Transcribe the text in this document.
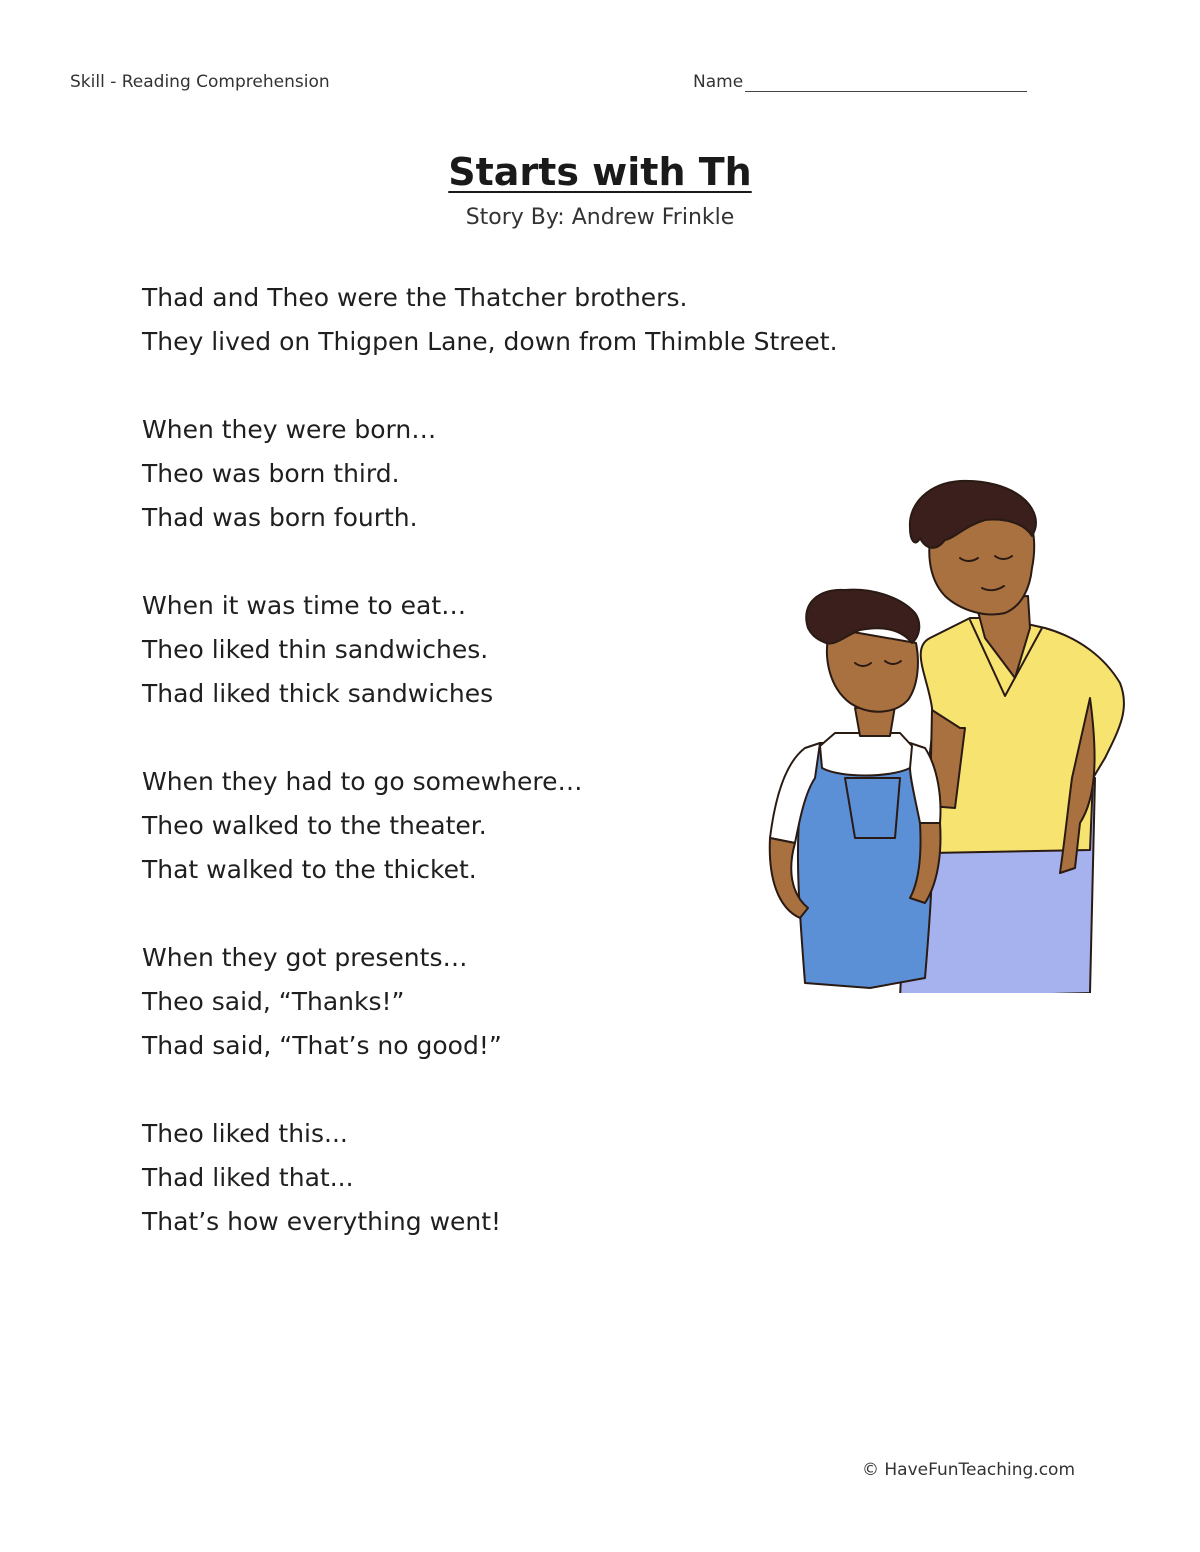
Skill - Reading Comprehension	Name
Starts with Th
Story By: Andrew Frinkle
Thad and Theo were the Thatcher brothers.
They lived on Thigpen Lane, down from Thimble Street.
When they were born…
Theo was born third.
Thad was born fourth.
When it was time to eat…
Theo liked thin sandwiches.
Thad liked thick sandwiches
When they had to go somewhere…
Theo walked to the theater.
That walked to the thicket.
When they got presents…
Theo said, “Thanks!”
Thad said, “That’s no good!”
Theo liked this...
Thad liked that...
That’s how everything went!
© HaveFunTeaching.com
